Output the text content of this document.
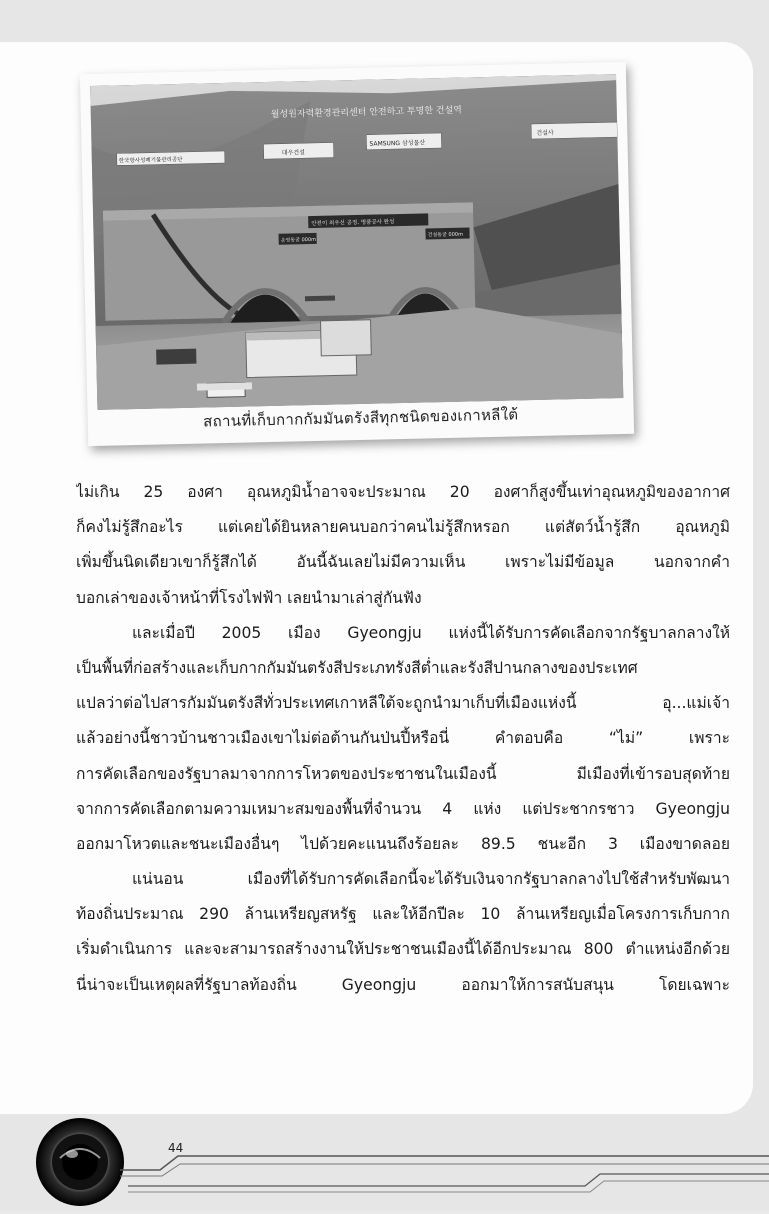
월성원자력환경관리센터 안전하고 투명한 건설역
한국방사성폐기물관리공단
대우건설
SAMSUNG 삼성물산
건설사
안전이 최우선 공정. 명품공사 완성
운영동굴 000m
건설동굴 000m
สถานที่เก็บกากกัมมันตรังสีทุกชนิดของเกาหลีใต้
ไม่เกิน 25 องศา อุณหภูมิน้ำอาจจะประมาณ 20 องศาก็สูงขึ้นเท่าอุณหภูมิของอากาศ
ก็คงไม่รู้สึกอะไร แต่เคยได้ยินหลายคนบอกว่าคนไม่รู้สึกหรอก แต่สัตว์น้ำรู้สึก อุณหภูมิ
เพิ่มขึ้นนิดเดียวเขาก็รู้สึกได้ อันนี้ฉันเลยไม่มีความเห็น เพราะไม่มีข้อมูล นอกจากคำ
บอกเล่าของเจ้าหน้าที่โรงไฟฟ้า เลยนำมาเล่าสู่กันฟัง
และเมื่อปี 2005 เมือง Gyeongju แห่งนี้ได้รับการคัดเลือกจากรัฐบาลกลางให้
เป็นพื้นที่ก่อสร้างและเก็บกากกัมมันตรังสีประเภทรังสีต่ำและรังสีปานกลางของประเทศ
แปลว่าต่อไปสารกัมมันตรังสีทั่วประเทศเกาหลีใต้จะถูกนำมาเก็บที่เมืองแห่งนี้ อุ...แม่เจ้า
แล้วอย่างนี้ชาวบ้านชาวเมืองเขาไม่ต่อต้านกันป่นปี้หรือนี่ คำตอบคือ “ไม่” เพราะ
การคัดเลือกของรัฐบาลมาจากการโหวตของประชาชนในเมืองนี้ มีเมืองที่เข้ารอบสุดท้าย
จากการคัดเลือกตามความเหมาะสมของพื้นที่จำนวน 4 แห่ง แต่ประชากรชาว Gyeongju
ออกมาโหวตและชนะเมืองอื่นๆ ไปด้วยคะแนนถึงร้อยละ 89.5 ชนะอีก 3 เมืองขาดลอย
แน่นอน เมืองที่ได้รับการคัดเลือกนี้จะได้รับเงินจากรัฐบาลกลางไปใช้สำหรับพัฒนา
ท้องถิ่นประมาณ 290 ล้านเหรียญสหรัฐ และให้อีกปีละ 10 ล้านเหรียญเมื่อโครงการเก็บกาก
เริ่มดำเนินการ และจะสามารถสร้างงานให้ประชาชนเมืองนี้ได้อีกประมาณ 800 ตำแหน่งอีกด้วย
นี่น่าจะเป็นเหตุผลที่รัฐบาลท้องถิ่น Gyeongju ออกมาให้การสนับสนุน โดยเฉพาะ
44
